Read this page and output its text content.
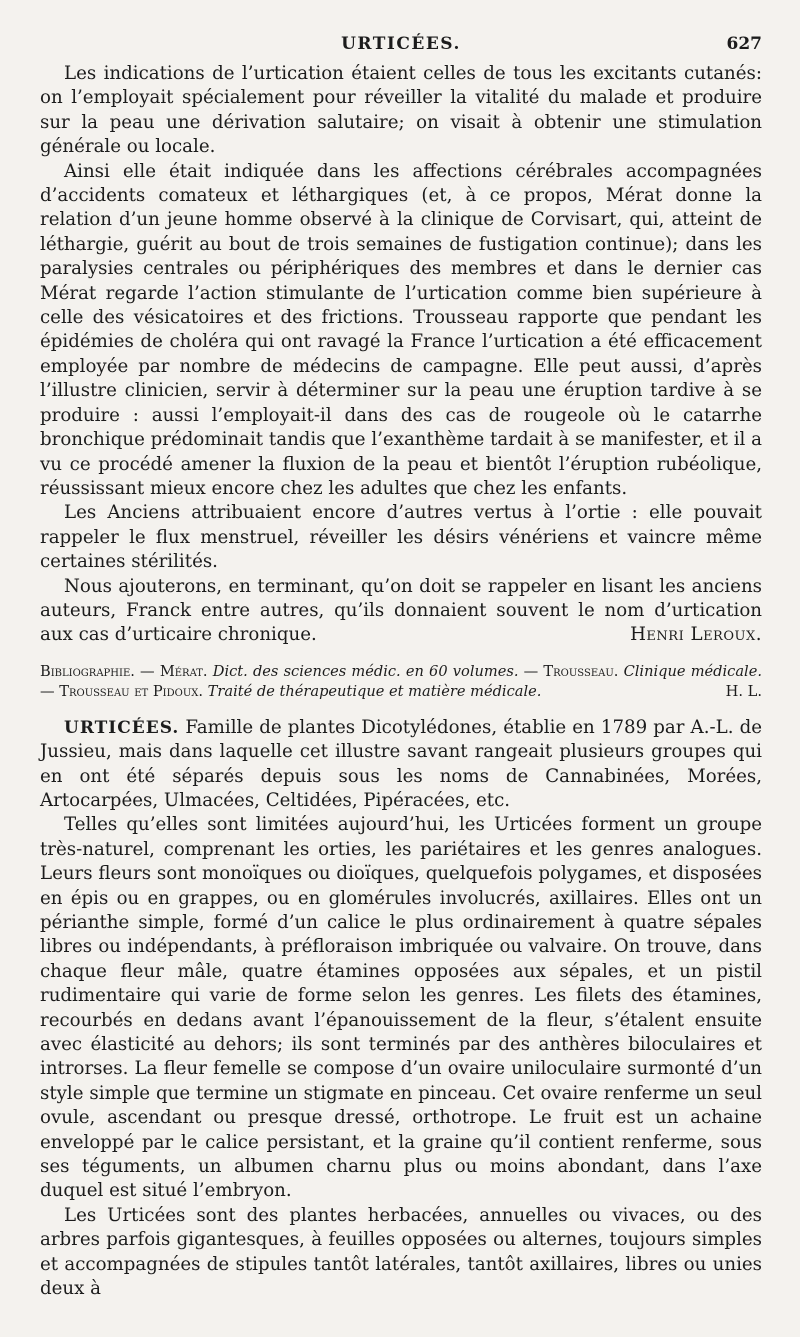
URTICÉES.	627

Les indications de l’urtication étaient celles de tous les excitants cutanés: on l’employait spécialement pour réveiller la vitalité du malade et produire sur la peau une dérivation salutaire; on visait à obtenir une stimulation générale ou locale.

Ainsi elle était indiquée dans les affections cérébrales accompagnées d’accidents comateux et léthargiques (et, à ce propos, Mérat donne la relation d’un jeune homme observé à la clinique de Corvisart, qui, atteint de léthargie, guérit au bout de trois semaines de fustigation continue); dans les paralysies centrales ou périphériques des membres et dans le dernier cas Mérat regarde l’action stimulante de l’urtication comme bien supérieure à celle des vésicatoires et des frictions. Trousseau rapporte que pendant les épidémies de choléra qui ont ravagé la France l’urtication a été efficacement employée par nombre de médecins de campagne. Elle peut aussi, d’après l’illustre clinicien, servir à déterminer sur la peau une éruption tardive à se produire : aussi l’employait-il dans des cas de rougeole où le catarrhe bronchique prédominait tandis que l’exanthème tardait à se manifester, et il a vu ce procédé amener la fluxion de la peau et bientôt l’éruption rubéolique, réussissant mieux encore chez les adultes que chez les enfants.

Les Anciens attribuaient encore d’autres vertus à l’ortie : elle pouvait rappeler le flux menstruel, réveiller les désirs vénériens et vaincre même certaines stérilités.

Nous ajouterons, en terminant, qu’on doit se rappeler en lisant les anciens auteurs, Franck entre autres, qu’ils donnaient souvent le nom d’urtication aux cas d’urticaire chronique.	Henri Leroux.

Bibliographie. — Mérat. Dict. des sciences médic. en 60 volumes. — Trousseau. Clinique médicale. — Trousseau et Pidoux. Traité de thérapeutique et matière médicale.	H. L.

URTICÉES. Famille de plantes Dicotylédones, établie en 1789 par A.-L. de Jussieu, mais dans laquelle cet illustre savant rangeait plusieurs groupes qui en ont été séparés depuis sous les noms de Cannabinées, Morées, Artocarpées, Ulmacées, Celtidées, Pipéracées, etc.

Telles qu’elles sont limitées aujourd’hui, les Urticées forment un groupe très-naturel, comprenant les orties, les pariétaires et les genres analogues. Leurs fleurs sont monoïques ou dioïques, quelquefois polygames, et disposées en épis ou en grappes, ou en glomérules involucrés, axillaires. Elles ont un périanthe simple, formé d’un calice le plus ordinairement à quatre sépales libres ou indépendants, à préfloraison imbriquée ou valvaire. On trouve, dans chaque fleur mâle, quatre étamines opposées aux sépales, et un pistil rudimentaire qui varie de forme selon les genres. Les filets des étamines, recourbés en dedans avant l’épanouissement de la fleur, s’étalent ensuite avec élasticité au dehors; ils sont terminés par des anthères biloculaires et introrses. La fleur femelle se compose d’un ovaire uniloculaire surmonté d’un style simple que termine un stigmate en pinceau. Cet ovaire renferme un seul ovule, ascendant ou presque dressé, orthotrope. Le fruit est un achaine enveloppé par le calice persistant, et la graine qu’il contient renferme, sous ses téguments, un albumen charnu plus ou moins abondant, dans l’axe duquel est situé l’embryon.

Les Urticées sont des plantes herbacées, annuelles ou vivaces, ou des arbres parfois gigantesques, à feuilles opposées ou alternes, toujours simples et accompagnées de stipules tantôt latérales, tantôt axillaires, libres ou unies deux à
